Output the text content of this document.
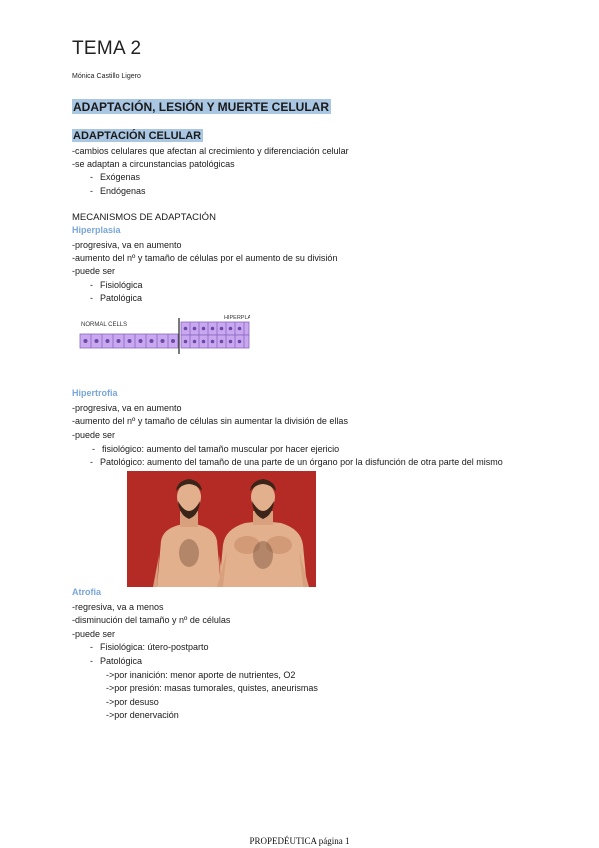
TEMA 2
Mónica Castillo Ligero
ADAPTACIÓN, LESIÓN Y MUERTE CELULAR
ADAPTACIÓN CELULAR
-cambios celulares que afectan al crecimiento y diferenciación celular
-se adaptan a circunstancias patológicas
- Exógenas
- Endógenas
MECANISMOS DE ADAPTACIÓN
Hiperplasia
-progresiva, va en aumento
-aumento del nº y tamaño de células por el aumento de su división
-puede ser
- Fisiológica
- Patológica
NORMAL CELLS
HIPERPLA
Hipertrofia
-progresiva, va en aumento
-aumento del nº y tamaño de células sin aumentar la división de ellas
-puede ser
- fisiológico: aumento del tamaño muscular por hacer ejericio
- Patológico: aumento del tamaño de una parte de un órgano por la disfunción de otra parte del mismo
Atrofia
-regresiva, va a menos
-disminución del tamaño y nº de células
-puede ser
- Fisiológica: útero-postparto
- Patológica
->por inanición: menor aporte de nutrientes, O2
->por presión: masas tumorales, quistes, aneurismas
->por desuso
->por denervación
PROPEDÉUTICA página 1
